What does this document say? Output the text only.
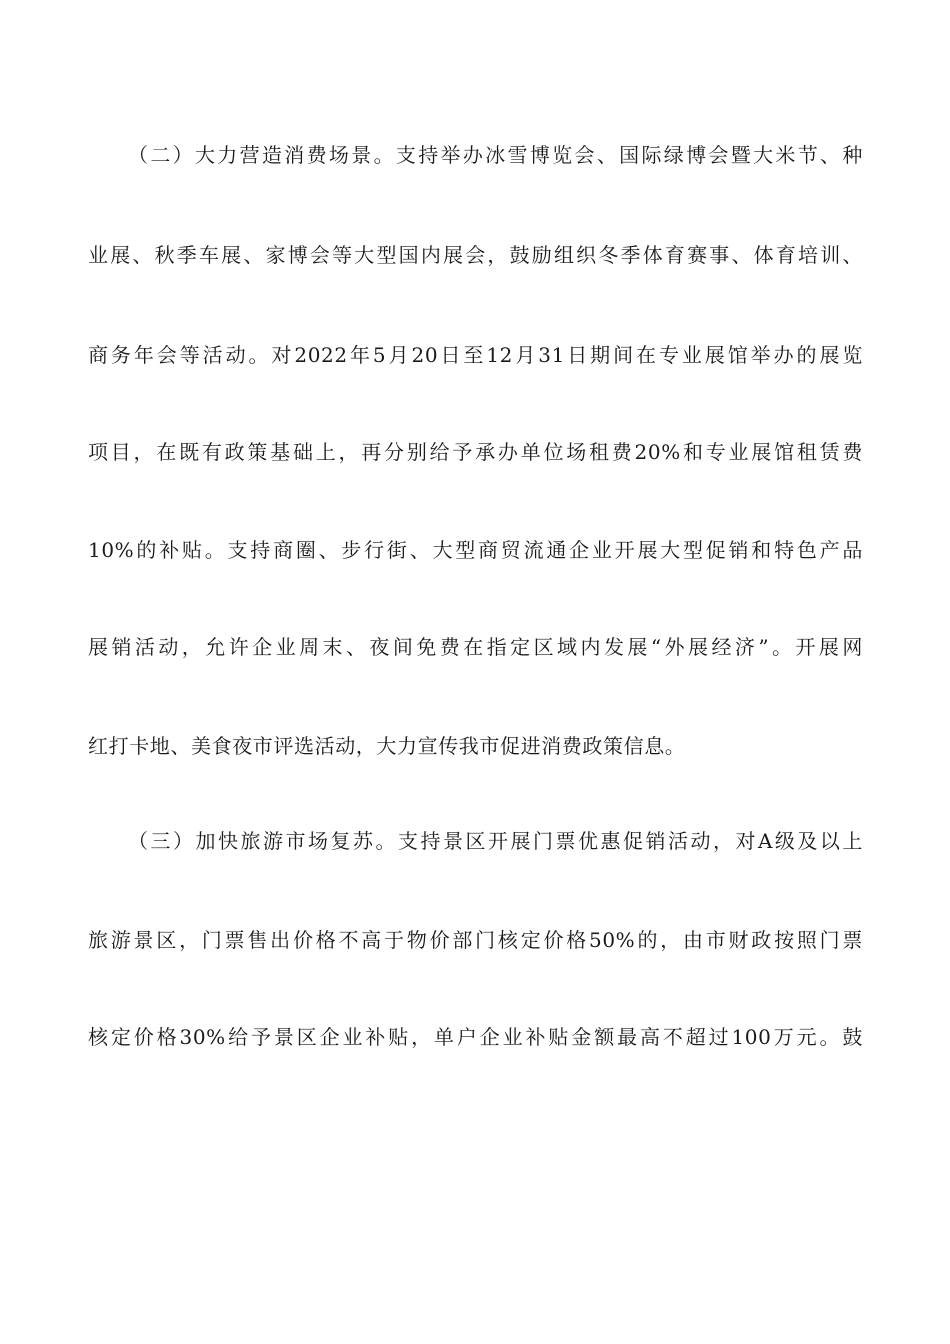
（二）大力营造消费场景。支持举办冰雪博览会、国际绿博会暨大米节、种
业展、秋季车展、家博会等大型国内展会，鼓励组织冬季体育赛事、体育培训、
商务年会等活动。对2022年5月20日至12月31日期间在专业展馆举办的展览
项目，在既有政策基础上，再分别给予承办单位场租费20%和专业展馆租赁费
10%的补贴。支持商圈、步行街、大型商贸流通企业开展大型促销和特色产品
展销活动，允许企业周末、夜间免费在指定区域内发展“外展经济”。开展网
红打卡地、美食夜市评选活动，大力宣传我市促进消费政策信息。
（三）加快旅游市场复苏。支持景区开展门票优惠促销活动，对A级及以上
旅游景区，门票售出价格不高于物价部门核定价格50%的，由市财政按照门票
核定价格30%给予景区企业补贴，单户企业补贴金额最高不超过100万元。鼓
